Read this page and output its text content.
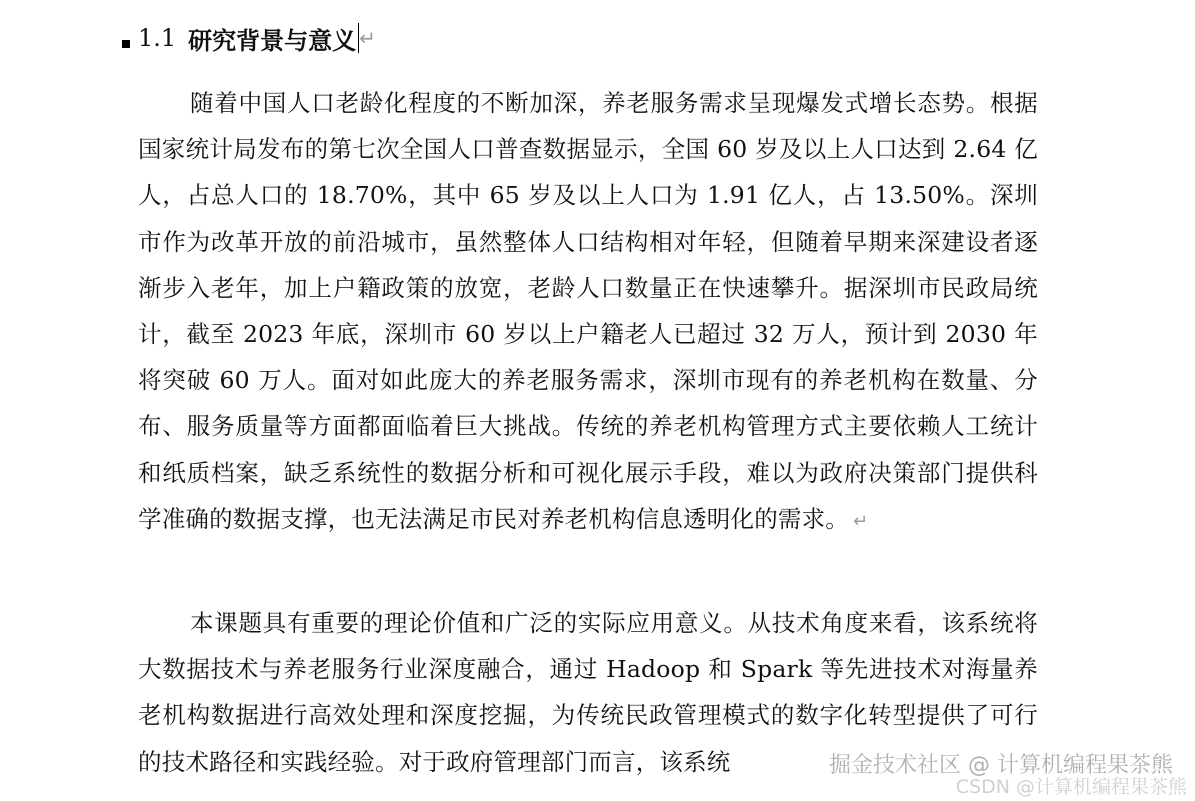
1.1 研究背景与意义 ↵

随着中国人口老龄化程度的不断加深，养老服务需求呈现爆发式增长态势。根据国家统计局发布的第七次全国人口普查数据显示，全国 60 岁及以上人口达到 2.64 亿人，占总人口的 18.70%，其中 65 岁及以上人口为 1.91 亿人，占 13.50%。深圳市作为改革开放的前沿城市，虽然整体人口结构相对年轻，但随着早期来深建设者逐渐步入老年，加上户籍政策的放宽，老龄人口数量正在快速攀升。据深圳市民政局统计，截至 2023 年底，深圳市 60 岁以上户籍老人已超过 32 万人，预计到 2030 年将突破 60 万人。面对如此庞大的养老服务需求，深圳市现有的养老机构在数量、分布、服务质量等方面都面临着巨大挑战。传统的养老机构管理方式主要依赖人工统计和纸质档案，缺乏系统性的数据分析和可视化展示手段，难以为政府决策部门提供科学准确的数据支撑，也无法满足市民对养老机构信息透明化的需求。 ↵

本课题具有重要的理论价值和广泛的实际应用意义。从技术角度来看，该系统将大数据技术与养老服务行业深度融合，通过 Hadoop 和 Spark 等先进技术对海量养老机构数据进行高效处理和深度挖掘，为传统民政管理模式的数字化转型提供了可行的技术路径和实践经验。对于政府管理部门而言，该系统	掘金技术社区 @ 计算机编程果茶熊
CSDN @计算机编程果茶熊
